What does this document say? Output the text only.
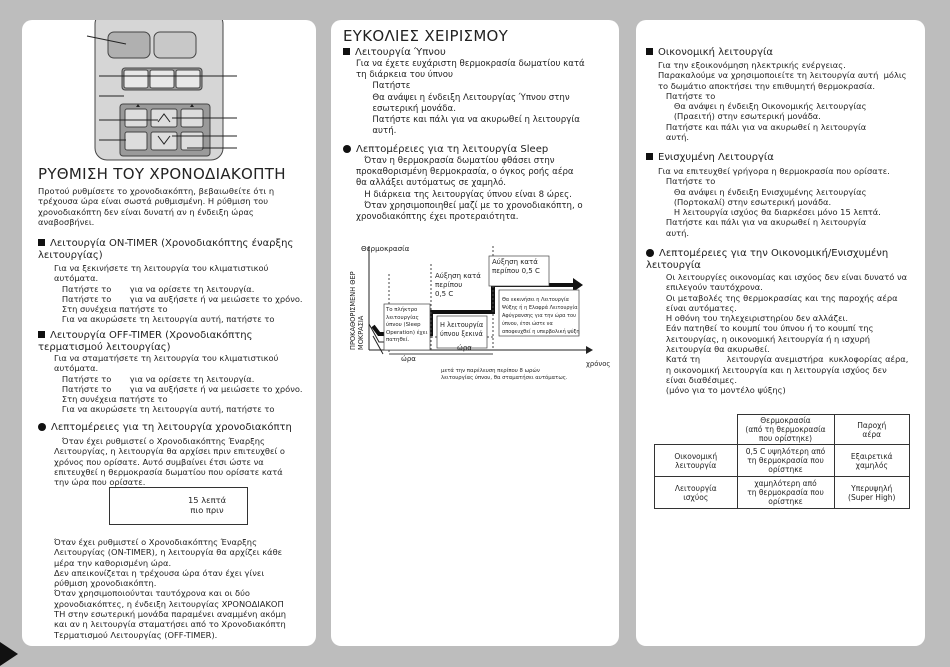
ΡΥΘΜΙΣΗ ΤΟΥ ΧΡΟΝΟΔΙΑΚΟΠΤΗ
Προτού ρυθμίσετε το χρονοδιακόπτη, βεβαιωθείτε ότι η
τρέχουσα ώρα είναι σωστά ρυθμισμένη. Η ρύθμιση του
χρονοδιακόπτη δεν είναι δυνατή αν η ένδειξη ώρας
αναβοσβήνει.
Λειτουργία ON-TIMER (Χρονοδιακόπτης έναρξης
λειτουργίας)
Για να ξεκινήσετε τη λειτουργία του κλιματιστικού
αυτόματα.
Πατήστε το       για να ορίσετε τη λειτουργία.
Πατήστε το       για να αυξήσετε ή να μειώσετε το χρόνο.
Στη συνέχεια πατήστε το
Για να ακυρώσετε τη λειτουργία αυτή, πατήστε το
Λειτουργία OFF-TIMER (Χρονοδιακόπτης
τερματισμού λειτουργίας)
Για να σταματήσετε τη λειτουργία του κλιματιστικού
αυτόματα.
Πατήστε το       για να ορίσετε τη λειτουργία.
Πατήστε το       για να αυξήσετε ή να μειώσετε το χρόνο.
Στη συνέχεια πατήστε το
Για να ακυρώσετε τη λειτουργία αυτή, πατήστε το
Λεπτομέρειες για τη λειτουργία χρονοδιακόπτη
Όταν έχει ρυθμιστεί ο Χρονοδιακόπτης Έναρξης
Λειτουργίας, η λειτουργία θα αρχίσει πριν επιτευχθεί ο
χρόνος που ορίσατε. Αυτό συμβαίνει έτσι ώστε να
επιτευχθεί η θερμοκρασία δωματίου που ορίσατε κατά
την ώρα που ορίσατε.
15 λεπτά
πιο πριν
Όταν έχει ρυθμιστεί ο Χρονοδιακόπτης Έναρξης
Λειτουργίας (ON-TIMER), η λειτουργία θα αρχίζει κάθε
μέρα την καθορισμένη ώρα.
Δεν απεικονίζεται η τρέχουσα ώρα όταν έχει γίνει
ρύθμιση χρονοδιακόπτη.
Όταν χρησιμοποιούνται ταυτόχρονα και οι δύο
χρονοδιακόπτες, η ένδειξη λειτουργίας ΧΡΟΝΟΔΙΑΚΟΠ
ΤΗ στην εσωτερική μονάδα παραμένει αναμμένη ακόμη
και αν η λειτουργία σταματήσει από το Χρονοδιακόπτη
Τερματισμού Λειτουργίας (OFF-TIMER).
ΕΥΚΟΛΙΕΣ ΧΕΙΡΙΣΜΟΥ
Λειτουργία Ύπνου
Για να έχετε ευχάριστη θερμοκρασία δωματίου κατά
τη διάρκεια του ύπνου
Πατήστε
Θα ανάψει η ένδειξη Λειτουργίας Ύπνου στην
εσωτερική μονάδα.
Πατήστε και πάλι για να ακυρωθεί η λειτουργία
αυτή.
Λεπτομέρειες για τη λειτουργία Sleep
Όταν η θερμοκρασία δωματίου φθάσει στην
προκαθορισμένη θερμοκρασία, ο όγκος ροής αέρα
θα αλλάξει αυτόματως σε χαμηλό.
Η διάρκεια της λειτουργίας ύπνου είναι 8 ώρες.
Όταν χρησιμοποιηθεί μαζί με το χρονοδιακόπτη, ο
χρονοδιακόπτης έχει προτεραιότητα.
Θερμοκρασία
ΠΡΟΚΑΘΟΡΙΣΜΕΝΗ ΘΕΡ
ΜΟΚΡΑΣΙΑ
Αύξηση κατά
περίπου
0,5 C
Αύξηση κατά
περίπου 0,5 C
Το πλήκτρο
λειτουργίας
ύπνου (Sleep
Operation) έχει
πατηθεί.
Η λειτουργία
ύπνου ξεκινά
Θα εκκινήσει η Λειτουργία
Ψύξης ή η Ελαφρά Λειτουργία
Αφύγρανσης για την ώρα του
ύπνου, έτσι ώστε να
αποφευχθεί η υπερβολική ψύξη
ώρα
ώρα
χρόνος
μετά την παρέλευση περίπου 8 ωρών
λειτουργίας ύπνου, θα σταματήσει αυτόματως.
Οικονομική λειτουργία
Για την εξοικονόμηση ηλεκτρικής ενέργειας.
Παρακαλούμε να χρησιμοποιείτε τη λειτουργία αυτή  μόλις
το δωμάτιο αποκτήσει την επιθυμητή θερμοκρασία.
Πατήστε το
Θα ανάψει η ένδειξη Οικονομικής λειτουργίας
(Πραειτή) στην εσωτερική μονάδα.
Πατήστε και πάλι για να ακυρωθεί η λειτουργία
αυτή.
Ενισχυμένη Λειτουργία
Για να επιτευχθεί γρήγορα η θερμοκρασία που ορίσατε.
Πατήστε το
Θα ανάψει η ένδειξη Ενισχυμένης λειτουργίας
(Πορτοκαλί) στην εσωτερική μονάδα.
Η λειτουργία ισχύος θα διαρκέσει μόνο 15 λεπτά.
Πατήστε και πάλι για να ακυρωθεί η λειτουργία
αυτή.
Λεπτομέρειες για την Οικονομική/Ενισχυμένη
λειτουργία
Οι λειτουργίες οικονομίας και ισχύος δεν είναι δυνατό να
επιλεγούν ταυτόχρονα.
Οι μεταβολές της θερμοκρασίας και της παροχής αέρα
είναι αυτόματες.
Η οθόνη του τηλεχειριστηρίου δεν αλλάζει.
Εάν πατηθεί το κουμπί του ύπνου ή το κουμπί της
λειτουργίας, η οικονομική λειτουργία ή η ισχυρή
λειτουργία θα ακυρωθεί.
Κατά τη          λειτουργία ανεμιστήρα  κυκλοφορίας αέρα,
η οικονομική λειτουργία και η λειτουργία ισχύος δεν
είναι διαθέσιμες.
(μόνο για το μοντέλο ψύξης)
	Θερμοκρασία
(από τη θερμοκρασία
που ορίστηκε)	Παροχή
αέρα
Οικονομική
λειτουργία	0,5 C υψηλότερη από
τη θερμοκρασία που
ορίστηκε	Εξαιρετικά
χαμηλός
Λειτουργία
ισχύος	χαμηλότερη από
τη θερμοκρασία που
ορίστηκε	Υπερυψηλή
(Super High)
